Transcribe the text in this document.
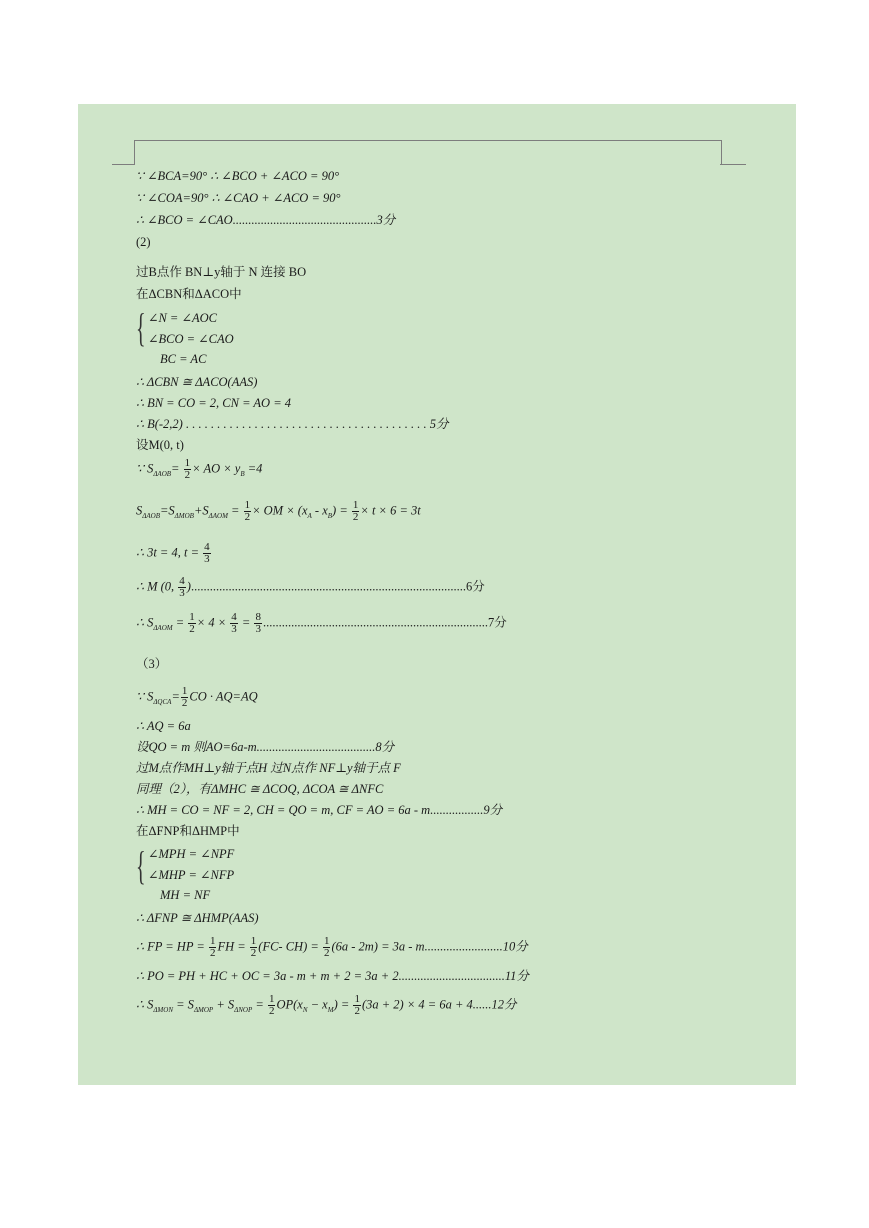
∵ ∠BCA=90° ∴ ∠BCO + ∠ACO = 90°
∵ ∠COA=90° ∴ ∠CAO + ∠ACO = 90°
∴ ∠BCO = ∠CAO..............................................3分
(2)
过B点作 BN⊥y轴于 N 连接 BO
在ΔCBN和ΔACO中
{ ∠N = ∠AOC
∠BCO = ∠CAO
BC = AC
∴ ΔCBN ≅ ΔACO(AAS)
∴ BN = CO = 2, CN = AO = 4
∴ B(-2,2) . . . . . . . . . . . . . . . . . . . . . . . . . . . . . . . . . . . . . . . 5分
设M(0, t)
∵ $S_{\Delta AOB}= \frac{1}{2}$ × AO × $y_B =4$
$S_{\Delta AOB}=S_{\Delta MOB}+S_{\Delta AOM} = \frac{1}{2}$ × OM × $(x_A - x_B) = \frac{1}{2} \times t \times 6 = 3t$
∴ 3t = 4, $t = \frac{4}{3}$
∴ M (0, $\frac{4}{3} )........................................................................................6$分
∴ $S_{\Delta AOM} = \frac{1}{2} \times 4 \times \frac{4}{3} = \frac{8}{3} ........................................................................7$分
（3）
∵ $S_{\Delta QCA}= \frac{1}{2}$ CO · AQ=AQ
∴ AQ = 6a
设QO = m 则AO=6a-m......................................8分
过M点作MH⊥y轴于点H 过N点作 NF⊥y轴于点 F
同理（2），有ΔMHC ≅ ΔCOQ, ΔCOA ≅ ΔNFC
∴ MH = CO = NF = 2, CH = QO = m, CF = AO = 6a - m.................9分
在ΔFNP和ΔHMP中
{ ∠MPH = ∠NPF
∠MHP = ∠NFP
MH = NF
∴ ΔFNP ≅ ΔHMP(AAS)
∴ FP = HP = $\frac{1}{2}$ FH = $\frac{1}{2} (FC-$ $CH) = \frac{1}{2} (6a - 2m) = 3a - m.........................10$分
∴ PO = PH + HC + OC = 3a - m + m + 2 = 3a + 2..................................11分
∴ $S_{\Delta MON} = S_{\Delta MOP} + S_{\Delta NOP} = \frac{1}{2} OP(x_N - x_M) = \frac{1}{2} (3a + 2) \times 4 = 6a + 4......12$分
